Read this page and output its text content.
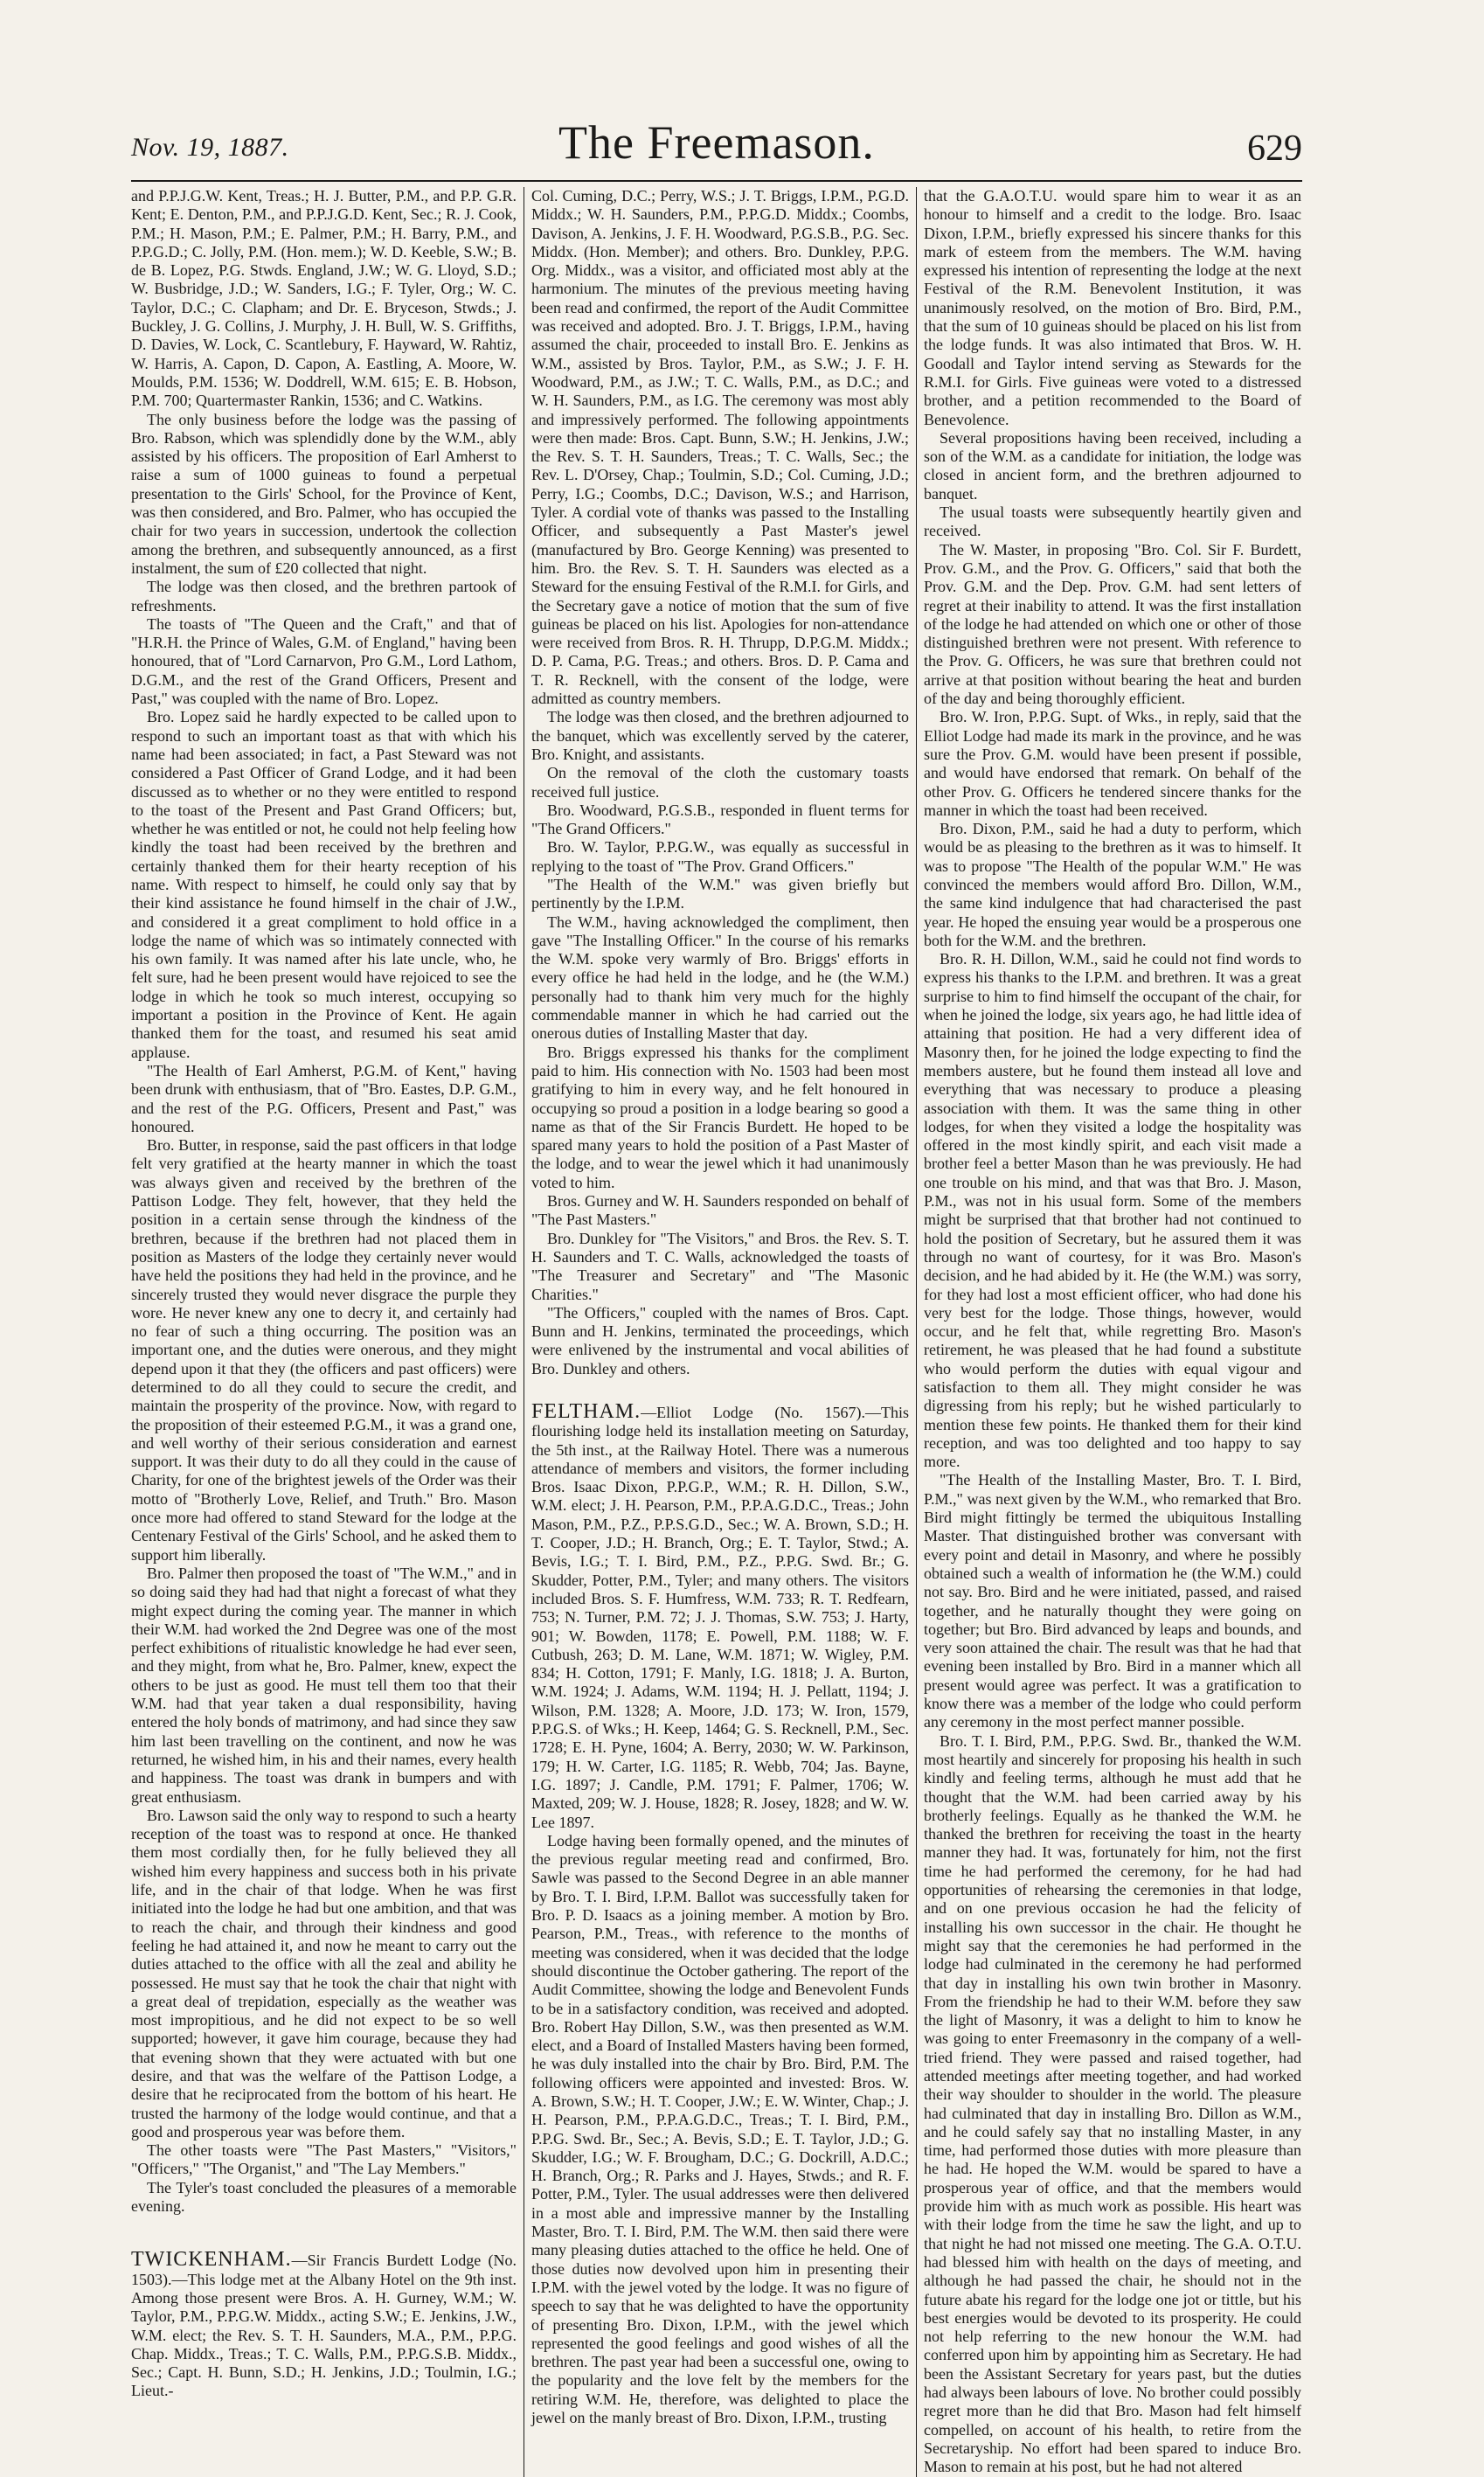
Nov. 19, 1887.	The Freemason.	629

and P.P.J.G.W. Kent, Treas.; H. J. Butter, P.M., and P.P. G.R. Kent; E. Denton, P.M., and P.P.J.G.D. Kent, Sec.; R. J. Cook, P.M.; H. Mason, P.M.; E. Palmer, P.M.; H. Barry, P.M., and P.P.G.D.; C. Jolly, P.M. (Hon. mem.); W. D. Keeble, S.W.; B. de B. Lopez, P.G. Stwds. England, J.W.; W. G. Lloyd, S.D.; W. Busbridge, J.D.; W. Sanders, I.G.; F. Tyler, Org.; W. C. Taylor, D.C.; C. Clapham; and Dr. E. Bryceson, Stwds.; J. Buckley, J. G. Collins, J. Murphy, J. H. Bull, W. S. Griffiths, D. Davies, W. Lock, C. Scantlebury, F. Hayward, W. Rahtiz, W. Harris, A. Capon, D. Capon, A. Eastling, A. Moore, W. Moulds, P.M. 1536; W. Doddrell, W.M. 615; E. B. Hobson, P.M. 700; Quartermaster Rankin, 1536; and C. Watkins.

The only business before the lodge was the passing of Bro. Rabson, which was splendidly done by the W.M., ably assisted by his officers. The proposition of Earl Amherst to raise a sum of 1000 guineas to found a perpetual presentation to the Girls' School, for the Province of Kent, was then considered, and Bro. Palmer, who has occupied the chair for two years in succession, undertook the collection among the brethren, and subsequently announced, as a first instalment, the sum of £20 collected that night.

The lodge was then closed, and the brethren partook of refreshments.

The toasts of "The Queen and the Craft," and that of "H.R.H. the Prince of Wales, G.M. of England," having been honoured, that of "Lord Carnarvon, Pro G.M., Lord Lathom, D.G.M., and the rest of the Grand Officers, Present and Past," was coupled with the name of Bro. Lopez.

Bro. Lopez said he hardly expected to be called upon to respond to such an important toast as that with which his name had been associated; in fact, a Past Steward was not considered a Past Officer of Grand Lodge, and it had been discussed as to whether or no they were entitled to respond to the toast of the Present and Past Grand Officers; but, whether he was entitled or not, he could not help feeling how kindly the toast had been received by the brethren and certainly thanked them for their hearty reception of his name. With respect to himself, he could only say that by their kind assistance he found himself in the chair of J.W., and considered it a great compliment to hold office in a lodge the name of which was so intimately connected with his own family. It was named after his late uncle, who, he felt sure, had he been present would have rejoiced to see the lodge in which he took so much interest, occupying so important a position in the Province of Kent. He again thanked them for the toast, and resumed his seat amid applause.

"The Health of Earl Amherst, P.G.M. of Kent," having been drunk with enthusiasm, that of "Bro. Eastes, D.P. G.M., and the rest of the P.G. Officers, Present and Past," was honoured.

Bro. Butter, in response, said the past officers in that lodge felt very gratified at the hearty manner in which the toast was always given and received by the brethren of the Pattison Lodge. They felt, however, that they held the position in a certain sense through the kindness of the brethren, because if the brethren had not placed them in position as Masters of the lodge they certainly never would have held the positions they had held in the province, and he sincerely trusted they would never disgrace the purple they wore. He never knew any one to decry it, and certainly had no fear of such a thing occurring. The position was an important one, and the duties were onerous, and they might depend upon it that they (the officers and past officers) were determined to do all they could to secure the credit, and maintain the prosperity of the province. Now, with regard to the proposition of their esteemed P.G.M., it was a grand one, and well worthy of their serious consideration and earnest support. It was their duty to do all they could in the cause of Charity, for one of the brightest jewels of the Order was their motto of "Brotherly Love, Relief, and Truth." Bro. Mason once more had offered to stand Steward for the lodge at the Centenary Festival of the Girls' School, and he asked them to support him liberally.

Bro. Palmer then proposed the toast of "The W.M.," and in so doing said they had had that night a forecast of what they might expect during the coming year. The manner in which their W.M. had worked the 2nd Degree was one of the most perfect exhibitions of ritualistic knowledge he had ever seen, and they might, from what he, Bro. Palmer, knew, expect the others to be just as good. He must tell them too that their W.M. had that year taken a dual responsibility, having entered the holy bonds of matrimony, and had since they saw him last been travelling on the continent, and now he was returned, he wished him, in his and their names, every health and happiness. The toast was drank in bumpers and with great enthusiasm.

Bro. Lawson said the only way to respond to such a hearty reception of the toast was to respond at once. He thanked them most cordially then, for he fully believed they all wished him every happiness and success both in his private life, and in the chair of that lodge. When he was first initiated into the lodge he had but one ambition, and that was to reach the chair, and through their kindness and good feeling he had attained it, and now he meant to carry out the duties attached to the office with all the zeal and ability he possessed. He must say that he took the chair that night with a great deal of trepidation, especially as the weather was most impropitious, and he did not expect to be so well supported; however, it gave him courage, because they had that evening shown that they were actuated with but one desire, and that was the welfare of the Pattison Lodge, a desire that he reciprocated from the bottom of his heart. He trusted the harmony of the lodge would continue, and that a good and prosperous year was before them.

The other toasts were "The Past Masters," "Visitors," "Officers," "The Organist," and "The Lay Members."

The Tyler's toast concluded the pleasures of a memorable evening.

TWICKENHAM.—Sir Francis Burdett Lodge (No. 1503).—This lodge met at the Albany Hotel on the 9th inst. Among those present were Bros. A. H. Gurney, W.M.; W. Taylor, P.M., P.P.G.W. Middx., acting S.W.; E. Jenkins, J.W., W.M. elect; the Rev. S. T. H. Saunders, M.A., P.M., P.P.G. Chap. Middx., Treas.; T. C. Walls, P.M., P.P.G.S.B. Middx., Sec.; Capt. H. Bunn, S.D.; H. Jenkins, J.D.; Toulmin, I.G.; Lieut.-

Col. Cuming, D.C.; Perry, W.S.; J. T. Briggs, I.P.M., P.G.D. Middx.; W. H. Saunders, P.M., P.P.G.D. Middx.; Coombs, Davison, A. Jenkins, J. F. H. Woodward, P.G.S.B., P.G. Sec. Middx. (Hon. Member); and others. Bro. Dunkley, P.P.G. Org. Middx., was a visitor, and officiated most ably at the harmonium. The minutes of the previous meeting having been read and confirmed, the report of the Audit Committee was received and adopted. Bro. J. T. Briggs, I.P.M., having assumed the chair, proceeded to install Bro. E. Jenkins as W.M., assisted by Bros. Taylor, P.M., as S.W.; J. F. H. Woodward, P.M., as J.W.; T. C. Walls, P.M., as D.C.; and W. H. Saunders, P.M., as I.G. The ceremony was most ably and impressively performed. The following appointments were then made: Bros. Capt. Bunn, S.W.; H. Jenkins, J.W.; the Rev. S. T. H. Saunders, Treas.; T. C. Walls, Sec.; the Rev. L. D'Orsey, Chap.; Toulmin, S.D.; Col. Cuming, J.D.; Perry, I.G.; Coombs, D.C.; Davison, W.S.; and Harrison, Tyler. A cordial vote of thanks was passed to the Installing Officer, and subsequently a Past Master's jewel (manufactured by Bro. George Kenning) was presented to him. Bro. the Rev. S. T. H. Saunders was elected as a Steward for the ensuing Festival of the R.M.I. for Girls, and the Secretary gave a notice of motion that the sum of five guineas be placed on his list. Apologies for non-attendance were received from Bros. R. H. Thrupp, D.P.G.M. Middx.; D. P. Cama, P.G. Treas.; and others. Bros. D. P. Cama and T. R. Recknell, with the consent of the lodge, were admitted as country members.

The lodge was then closed, and the brethren adjourned to the banquet, which was excellently served by the caterer, Bro. Knight, and assistants.

On the removal of the cloth the customary toasts received full justice.

Bro. Woodward, P.G.S.B., responded in fluent terms for "The Grand Officers."

Bro. W. Taylor, P.P.G.W., was equally as successful in replying to the toast of "The Prov. Grand Officers."

"The Health of the W.M." was given briefly but pertinently by the I.P.M.

The W.M., having acknowledged the compliment, then gave "The Installing Officer." In the course of his remarks the W.M. spoke very warmly of Bro. Briggs' efforts in every office he had held in the lodge, and he (the W.M.) personally had to thank him very much for the highly commendable manner in which he had carried out the onerous duties of Installing Master that day.

Bro. Briggs expressed his thanks for the compliment paid to him. His connection with No. 1503 had been most gratifying to him in every way, and he felt honoured in occupying so proud a position in a lodge bearing so good a name as that of the Sir Francis Burdett. He hoped to be spared many years to hold the position of a Past Master of the lodge, and to wear the jewel which it had unanimously voted to him.

Bros. Gurney and W. H. Saunders responded on behalf of "The Past Masters."

Bro. Dunkley for "The Visitors," and Bros. the Rev. S. T. H. Saunders and T. C. Walls, acknowledged the toasts of "The Treasurer and Secretary" and "The Masonic Charities."

"The Officers," coupled with the names of Bros. Capt. Bunn and H. Jenkins, terminated the proceedings, which were enlivened by the instrumental and vocal abilities of Bro. Dunkley and others.

FELTHAM.—Elliot Lodge (No. 1567).—This flourishing lodge held its installation meeting on Saturday, the 5th inst., at the Railway Hotel. There was a numerous attendance of members and visitors, the former including Bros. Isaac Dixon, P.P.G.P., W.M.; R. H. Dillon, S.W., W.M. elect; J. H. Pearson, P.M., P.P.A.G.D.C., Treas.; John Mason, P.M., P.Z., P.P.S.G.D., Sec.; W. A. Brown, S.D.; H. T. Cooper, J.D.; H. Branch, Org.; E. T. Taylor, Stwd.; A. Bevis, I.G.; T. I. Bird, P.M., P.Z., P.P.G. Swd. Br.; G. Skudder, Potter, P.M., Tyler; and many others. The visitors included Bros. S. F. Humfress, W.M. 733; R. T. Redfearn, 753; N. Turner, P.M. 72; J. J. Thomas, S.W. 753; J. Harty, 901; W. Bowden, 1178; E. Powell, P.M. 1188; W. F. Cutbush, 263; D. M. Lane, W.M. 1871; W. Wigley, P.M. 834; H. Cotton, 1791; F. Manly, I.G. 1818; J. A. Burton, W.M. 1924; J. Adams, W.M. 1194; H. J. Pellatt, 1194; J. Wilson, P.M. 1328; A. Moore, J.D. 173; W. Iron, 1579, P.P.G.S. of Wks.; H. Keep, 1464; G. S. Recknell, P.M., Sec. 1728; E. H. Pyne, 1604; A. Berry, 2030; W. W. Parkinson, 179; H. W. Carter, I.G. 1185; R. Webb, 704; Jas. Bayne, I.G. 1897; J. Candle, P.M. 1791; F. Palmer, 1706; W. Maxted, 209; W. J. House, 1828; R. Josey, 1828; and W. W. Lee 1897.

Lodge having been formally opened, and the minutes of the previous regular meeting read and confirmed, Bro. Sawle was passed to the Second Degree in an able manner by Bro. T. I. Bird, I.P.M. Ballot was successfully taken for Bro. P. D. Isaacs as a joining member. A motion by Bro. Pearson, P.M., Treas., with reference to the months of meeting was considered, when it was decided that the lodge should discontinue the October gathering. The report of the Audit Committee, showing the lodge and Benevolent Funds to be in a satisfactory condition, was received and adopted. Bro. Robert Hay Dillon, S.W., was then presented as W.M. elect, and a Board of Installed Masters having been formed, he was duly installed into the chair by Bro. Bird, P.M. The following officers were appointed and invested: Bros. W. A. Brown, S.W.; H. T. Cooper, J.W.; E. W. Winter, Chap.; J. H. Pearson, P.M., P.P.A.G.D.C., Treas.; T. I. Bird, P.M., P.P.G. Swd. Br., Sec.; A. Bevis, S.D.; E. T. Taylor, J.D.; G. Skudder, I.G.; W. F. Brougham, D.C.; G. Dockrill, A.D.C.; H. Branch, Org.; R. Parks and J. Hayes, Stwds.; and R. F. Potter, P.M., Tyler. The usual addresses were then delivered in a most able and impressive manner by the Installing Master, Bro. T. I. Bird, P.M. The W.M. then said there were many pleasing duties attached to the office he held. One of those duties now devolved upon him in presenting their I.P.M. with the jewel voted by the lodge. It was no figure of speech to say that he was delighted to have the opportunity of presenting Bro. Dixon, I.P.M., with the jewel which represented the good feelings and good wishes of all the brethren. The past year had been a successful one, owing to the popularity and the love felt by the members for the retiring W.M. He, therefore, was delighted to place the jewel on the manly breast of Bro. Dixon, I.P.M., trusting

that the G.A.O.T.U. would spare him to wear it as an honour to himself and a credit to the lodge. Bro. Isaac Dixon, I.P.M., briefly expressed his sincere thanks for this mark of esteem from the members. The W.M. having expressed his intention of representing the lodge at the next Festival of the R.M. Benevolent Institution, it was unanimously resolved, on the motion of Bro. Bird, P.M., that the sum of 10 guineas should be placed on his list from the lodge funds. It was also intimated that Bros. W. H. Goodall and Taylor intend serving as Stewards for the R.M.I. for Girls. Five guineas were voted to a distressed brother, and a petition recommended to the Board of Benevolence.

Several propositions having been received, including a son of the W.M. as a candidate for initiation, the lodge was closed in ancient form, and the brethren adjourned to banquet.

The usual toasts were subsequently heartily given and received.

The W. Master, in proposing "Bro. Col. Sir F. Burdett, Prov. G.M., and the Prov. G. Officers," said that both the Prov. G.M. and the Dep. Prov. G.M. had sent letters of regret at their inability to attend. It was the first installation of the lodge he had attended on which one or other of those distinguished brethren were not present. With reference to the Prov. G. Officers, he was sure that brethren could not arrive at that position without bearing the heat and burden of the day and being thoroughly efficient.

Bro. W. Iron, P.P.G. Supt. of Wks., in reply, said that the Elliot Lodge had made its mark in the province, and he was sure the Prov. G.M. would have been present if possible, and would have endorsed that remark. On behalf of the other Prov. G. Officers he tendered sincere thanks for the manner in which the toast had been received.

Bro. Dixon, P.M., said he had a duty to perform, which would be as pleasing to the brethren as it was to himself. It was to propose "The Health of the popular W.M." He was convinced the members would afford Bro. Dillon, W.M., the same kind indulgence that had characterised the past year. He hoped the ensuing year would be a prosperous one both for the W.M. and the brethren.

Bro. R. H. Dillon, W.M., said he could not find words to express his thanks to the I.P.M. and brethren. It was a great surprise to him to find himself the occupant of the chair, for when he joined the lodge, six years ago, he had little idea of attaining that position. He had a very different idea of Masonry then, for he joined the lodge expecting to find the members austere, but he found them instead all love and everything that was necessary to produce a pleasing association with them. It was the same thing in other lodges, for when they visited a lodge the hospitality was offered in the most kindly spirit, and each visit made a brother feel a better Mason than he was previously. He had one trouble on his mind, and that was that Bro. J. Mason, P.M., was not in his usual form. Some of the members might be surprised that that brother had not continued to hold the position of Secretary, but he assured them it was through no want of courtesy, for it was Bro. Mason's decision, and he had abided by it. He (the W.M.) was sorry, for they had lost a most efficient officer, who had done his very best for the lodge. Those things, however, would occur, and he felt that, while regretting Bro. Mason's retirement, he was pleased that he had found a substitute who would perform the duties with equal vigour and satisfaction to them all. They might consider he was digressing from his reply; but he wished particularly to mention these few points. He thanked them for their kind reception, and was too delighted and too happy to say more.

"The Health of the Installing Master, Bro. T. I. Bird, P.M.," was next given by the W.M., who remarked that Bro. Bird might fittingly be termed the ubiquitous Installing Master. That distinguished brother was conversant with every point and detail in Masonry, and where he possibly obtained such a wealth of information he (the W.M.) could not say. Bro. Bird and he were initiated, passed, and raised together, and he naturally thought they were going on together; but Bro. Bird advanced by leaps and bounds, and very soon attained the chair. The result was that he had that evening been installed by Bro. Bird in a manner which all present would agree was perfect. It was a gratification to know there was a member of the lodge who could perform any ceremony in the most perfect manner possible.

Bro. T. I. Bird, P.M., P.P.G. Swd. Br., thanked the W.M. most heartily and sincerely for proposing his health in such kindly and feeling terms, although he must add that he thought that the W.M. had been carried away by his brotherly feelings. Equally as he thanked the W.M. he thanked the brethren for receiving the toast in the hearty manner they had. It was, fortunately for him, not the first time he had performed the ceremony, for he had had opportunities of rehearsing the ceremonies in that lodge, and on one previous occasion he had the felicity of installing his own successor in the chair. He thought he might say that the ceremonies he had performed in the lodge had culminated in the ceremony he had performed that day in installing his own twin brother in Masonry. From the friendship he had to their W.M. before they saw the light of Masonry, it was a delight to him to know he was going to enter Freemasonry in the company of a well-tried friend. They were passed and raised together, had attended meetings after meeting together, and had worked their way shoulder to shoulder in the world. The pleasure had culminated that day in installing Bro. Dillon as W.M., and he could safely say that no installing Master, in any time, had performed those duties with more pleasure than he had. He hoped the W.M. would be spared to have a prosperous year of office, and that the members would provide him with as much work as possible. His heart was with their lodge from the time he saw the light, and up to that night he had not missed one meeting. The G.A. O.T.U. had blessed him with health on the days of meeting, and although he had passed the chair, he should not in the future abate his regard for the lodge one jot or tittle, but his best energies would be devoted to its prosperity. He could not help referring to the new honour the W.M. had conferred upon him by appointing him as Secretary. He had been the Assistant Secretary for years past, but the duties had always been labours of love. No brother could possibly regret more than he did that Bro. Mason had felt himself compelled, on account of his health, to retire from the Secretaryship. No effort had been spared to induce Bro. Mason to remain at his post, but he had not altered
